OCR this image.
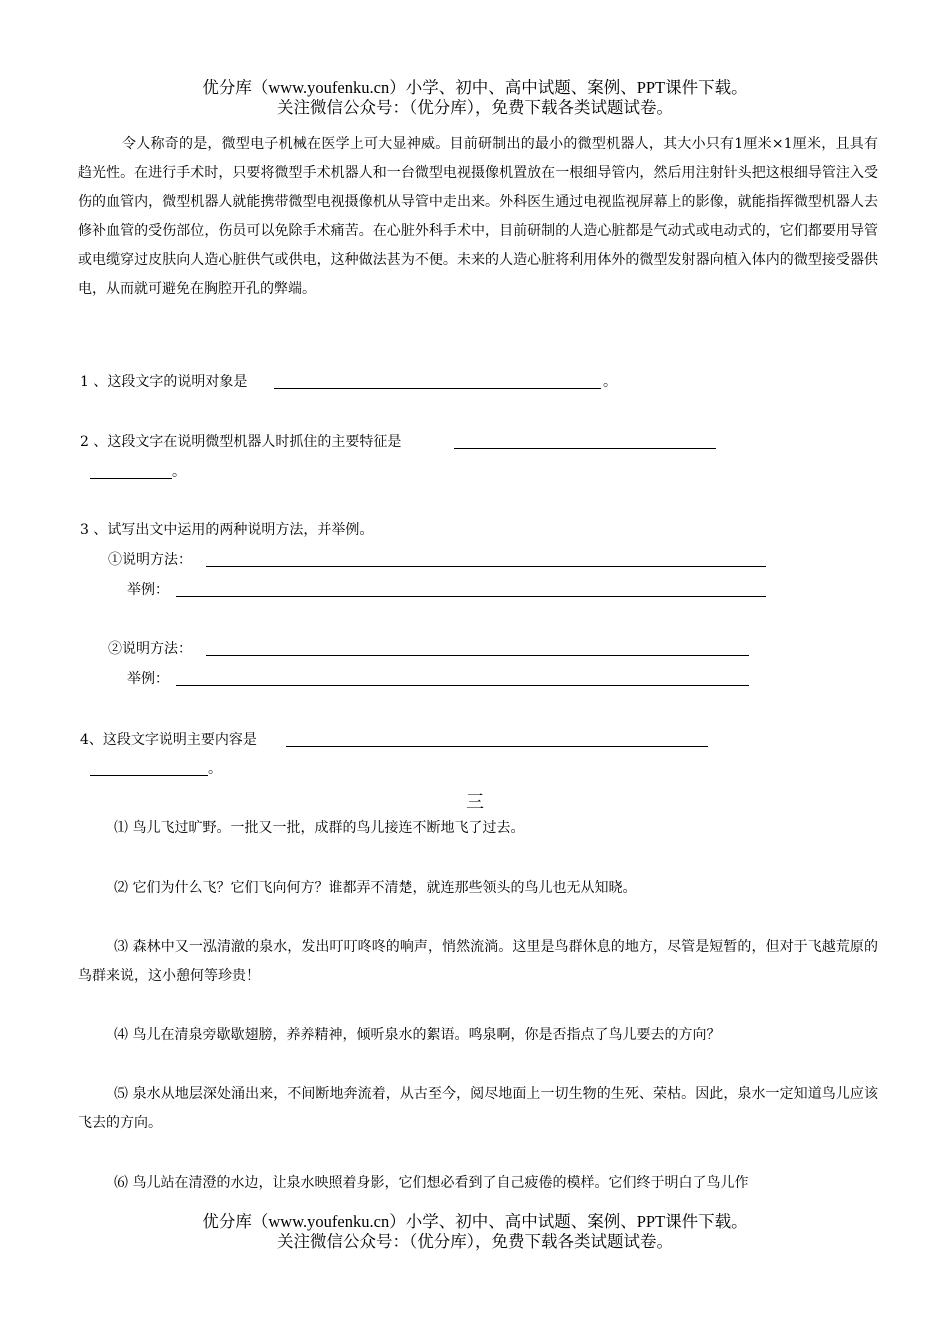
优分库（www.youfenku.cn）小学、初中、高中试题、案例、PPT课件下载。
关注微信公众号：（优分库），免费下载各类试题试卷。
令人称奇的是，微型电子机械在医学上可大显神威。目前研制出的最小的微型机器人，其大小只有1厘米×1厘米，且具有趋光性。在进行手术时，只要将微型手术机器人和一台微型电视摄像机置放在一根细导管内，然后用注射针头把这根细导管注入受伤的血管内，微型机器人就能携带微型电视摄像机从导管中走出来。外科医生通过电视监视屏幕上的影像，就能指挥微型机器人去修补血管的受伤部位，伤员可以免除手术痛苦。在心脏外科手术中，目前研制的人造心脏都是气动式或电动式的，它们都要用导管或电缆穿过皮肤向人造心脏供气或供电，这种做法甚为不便。未来的人造心脏将利用体外的微型发射器向植入体内的微型接受器供电，从而就可避免在胸腔开孔的弊端。
1 、这段文字的说明对象是	。
2 、这段文字在说明微型机器人时抓住的主要特征是
。
3 、试写出文中运用的两种说明方法，并举例。
①说明方法：
举例：
②说明方法：
举例：
4、这段文字说明主要内容是
。
三
⑴ 鸟儿飞过旷野。一批又一批，成群的鸟儿接连不断地飞了过去。
⑵ 它们为什么飞？它们飞向何方？谁都弄不清楚，就连那些领头的鸟儿也无从知晓。
⑶ 森林中又一泓清澈的泉水，发出叮叮咚咚的响声，悄然流淌。这里是鸟群休息的地方，尽管是短暂的，但对于飞越荒原的鸟群来说，这小憩何等珍贵！
⑷ 鸟儿在清泉旁歇歇翅膀，养养精神，倾听泉水的絮语。鸣泉啊，你是否指点了鸟儿要去的方向？
⑸ 泉水从地层深处涌出来，不间断地奔流着，从古至今，阅尽地面上一切生物的生死、荣枯。因此，泉水一定知道鸟儿应该飞去的方向。
⑹ 鸟儿站在清澄的水边，让泉水映照着身影，它们想必看到了自己疲倦的模样。它们终于明白了鸟儿作
优分库（www.youfenku.cn）小学、初中、高中试题、案例、PPT课件下载。
关注微信公众号：（优分库），免费下载各类试题试卷。
